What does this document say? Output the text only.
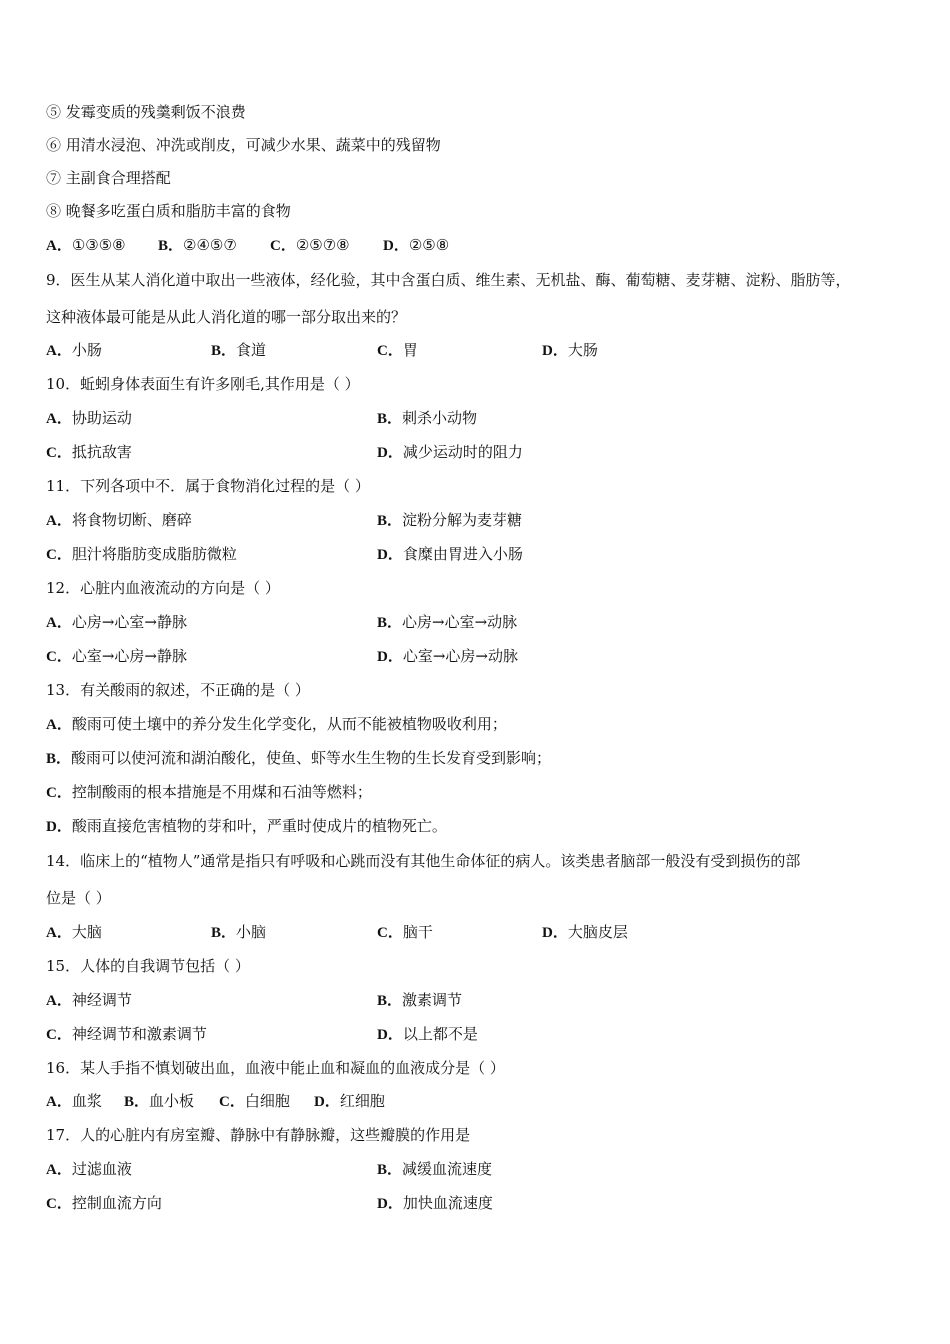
⑤ 发霉变质的残羹剩饭不浪费
⑥ 用清水浸泡、冲洗或削皮，可减少水果、蔬菜中的残留物
⑦ 主副食合理搭配
⑧ 晚餐多吃蛋白质和脂肪丰富的食物
A．①③⑤⑧ B．②④⑤⑦ C．②⑤⑦⑧ D．②⑤⑧
9．医生从某人消化道中取出一些液体，经化验，其中含蛋白质、维生素、无机盐、酶、葡萄糖、麦芽糖、淀粉、脂肪等，
这种液体最可能是从此人消化道的哪一部分取出来的？
A．小肠	B．食道	C．胃	D．大肠
10．蚯蚓身体表面生有许多刚毛,其作用是（ ）
A．协助运动	B．刺杀小动物
C．抵抗敌害	D．减少运动时的阻力
11．下列各项中不．属于食物消化过程的是（ ）
A．将食物切断、磨碎	B．淀粉分解为麦芽糖
C．胆汁将脂肪变成脂肪微粒	D．食糜由胃进入小肠
12．心脏内血液流动的方向是（ ）
A．心房→心室→静脉	B．心房→心室→动脉
C．心室→心房→静脉	D．心室→心房→动脉
13．有关酸雨的叙述，不正确的是（ ）
A．酸雨可使土壤中的养分发生化学变化，从而不能被植物吸收利用；
B．酸雨可以使河流和湖泊酸化，使鱼、虾等水生生物的生长发育受到影响；
C．控制酸雨的根本措施是不用煤和石油等燃料；
D．酸雨直接危害植物的芽和叶，严重时使成片的植物死亡。
14．临床上的“植物人”通常是指只有呼吸和心跳而没有其他生命体征的病人。该类患者脑部一般没有受到损伤的部
位是（ ）
A．大脑	B．小脑	C．脑干	D．大脑皮层
15．人体的自我调节包括（ ）
A．神经调节	B．激素调节
C．神经调节和激素调节	D．以上都不是
16．某人手指不慎划破出血，血液中能止血和凝血的血液成分是（ ）
A．血浆 B．血小板 C．白细胞 D．红细胞
17．人的心脏内有房室瓣、静脉中有静脉瓣，这些瓣膜的作用是
A．过滤血液	B．减缓血流速度
C．控制血流方向	D．加快血流速度
